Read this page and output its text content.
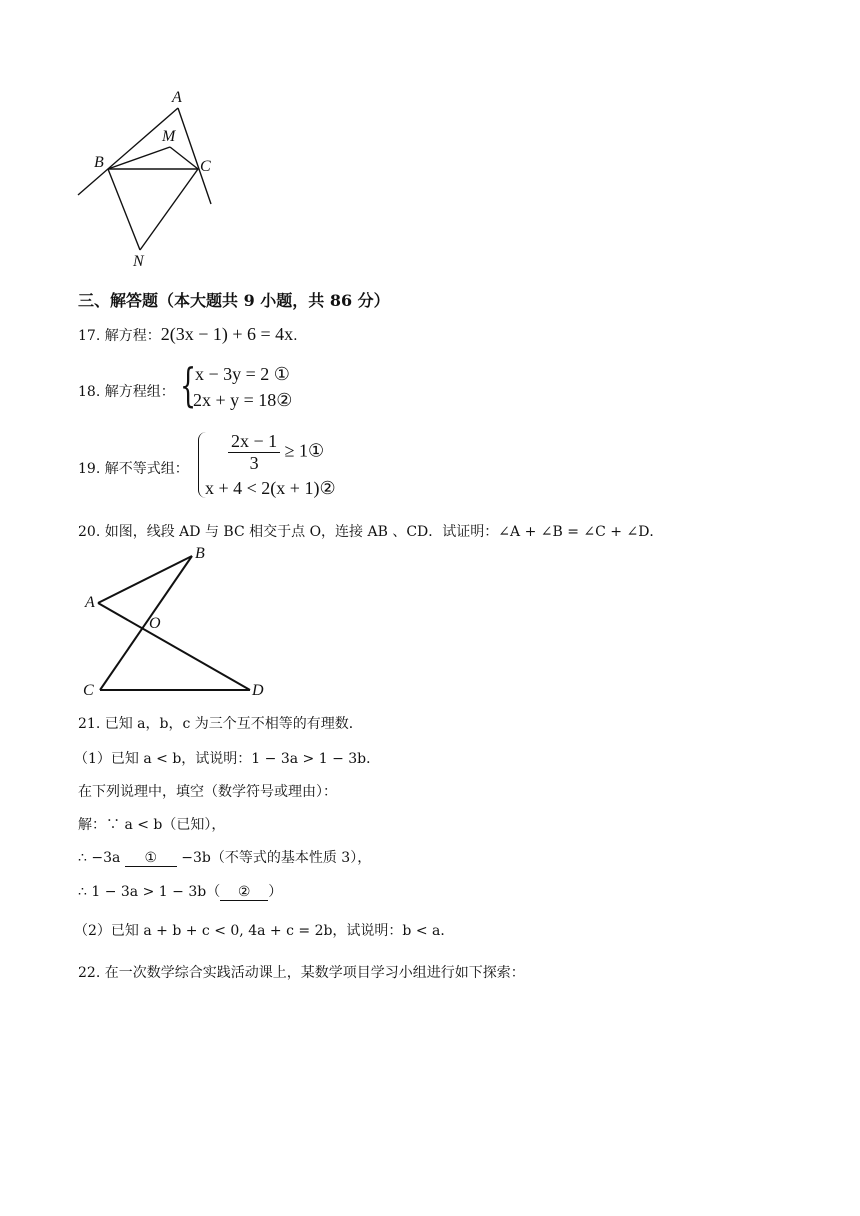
A
M
B	C
N
三、解答题（本大题共 9 小题，共 86 分）
17. 解方程：2(3x − 1) + 6 = 4x.
18. 解方程组： {
x − 3y = 2 ①
2x + y = 18②
19. 解不等式组： $\frac{2x - 1}{3}$ ≥ 1①
x + 4 < 2(x + 1)②
20. 如图，线段 AD 与 BC 相交于点 O，连接 AB 、CD．试证明：∠A + ∠B = ∠C + ∠D．
A
B
O
C	D
21. 已知 a，b，c 为三个互不相等的有理数．
（1）已知 a < b，试说明：1 − 3a > 1 − 3b．
在下列说理中，填空（数学符号或理由）：
解：∵ a < b（已知），
∴ −3a ① −3b（不等式的基本性质 3），
∴ 1 − 3a > 1 − 3b（ ② ）
（2）已知 a + b + c < 0, 4a + c = 2b，试说明：b < a．
22. 在一次数学综合实践活动课上，某数学项目学习小组进行如下探索：
